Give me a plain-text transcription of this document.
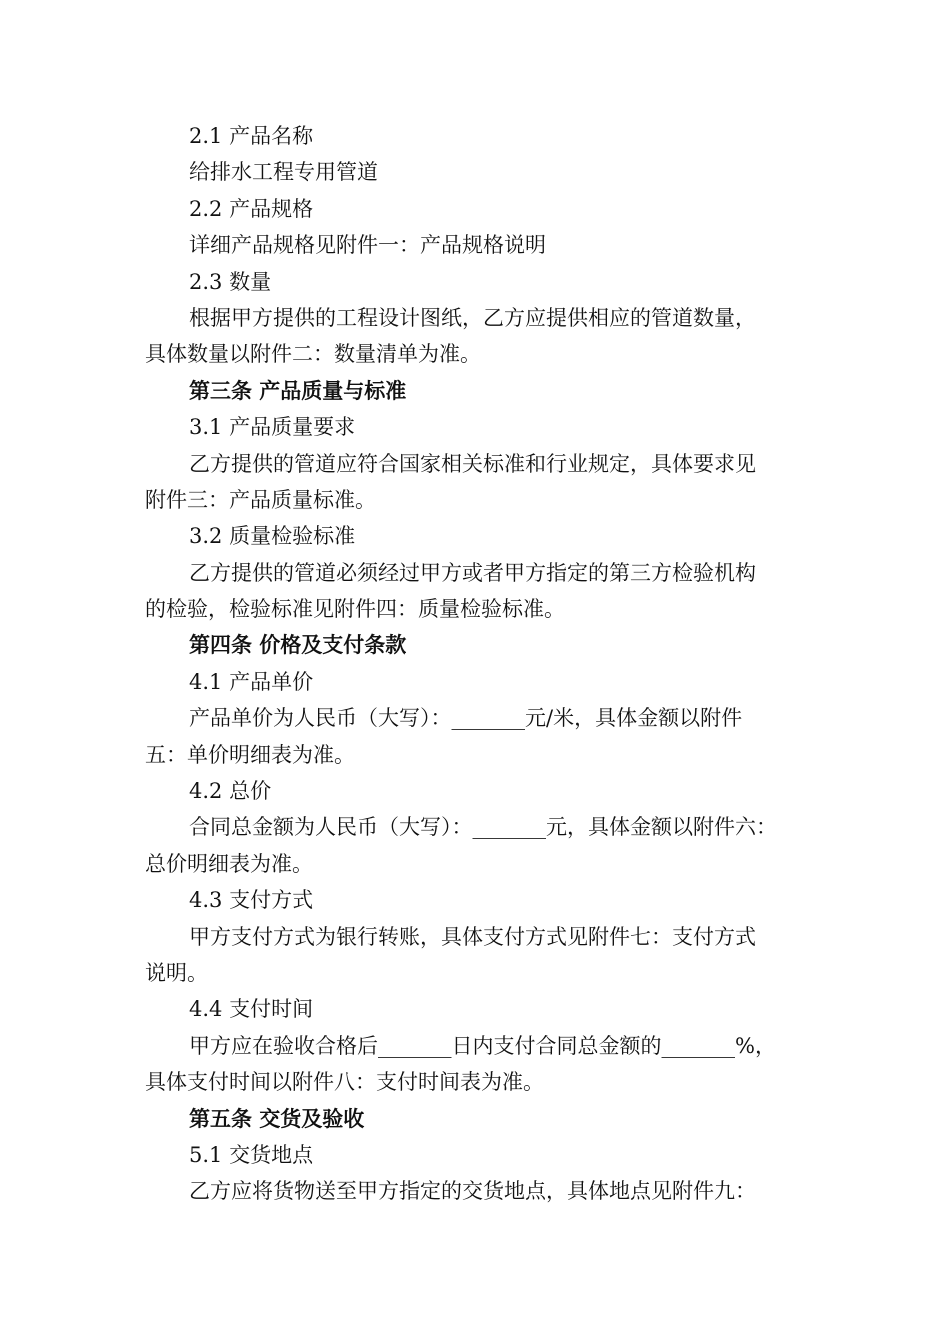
2.1 产品名称
给排水工程专用管道
2.2 产品规格
详细产品规格见附件一：产品规格说明
2.3 数量
根据甲方提供的工程设计图纸，乙方应提供相应的管道数量，
具体数量以附件二：数量清单为准。
第三条 产品质量与标准
3.1 产品质量要求
乙方提供的管道应符合国家相关标准和行业规定，具体要求见
附件三：产品质量标准。
3.2 质量检验标准
乙方提供的管道必须经过甲方或者甲方指定的第三方检验机构
的检验，检验标准见附件四：质量检验标准。
第四条 价格及支付条款
4.1 产品单价
产品单价为人民币（大写）：_______元/米，具体金额以附件
五：单价明细表为准。
4.2 总价
合同总金额为人民币（大写）：_______元，具体金额以附件六：
总价明细表为准。
4.3 支付方式
甲方支付方式为银行转账，具体支付方式见附件七：支付方式
说明。
4.4 支付时间
甲方应在验收合格后_______日内支付合同总金额的_______%，
具体支付时间以附件八：支付时间表为准。
第五条 交货及验收
5.1 交货地点
乙方应将货物送至甲方指定的交货地点，具体地点见附件九：
